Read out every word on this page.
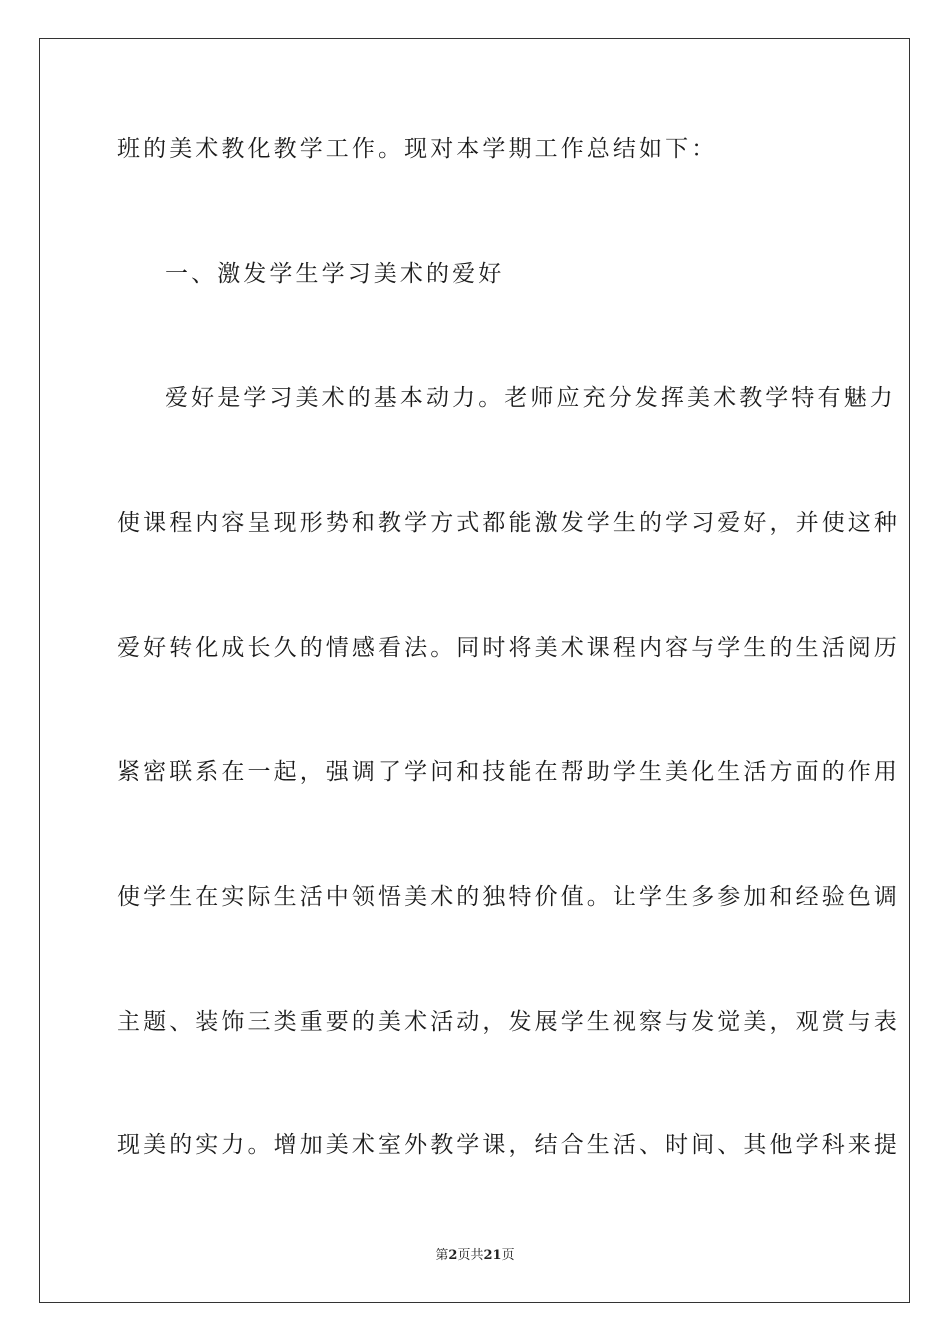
班的美术教化教学工作。现对本学期工作总结如下：
一、激发学生学习美术的爱好
爱好是学习美术的基本动力。老师应充分发挥美术教学特有魅力
使课程内容呈现形势和教学方式都能激发学生的学习爱好，并使这种
爱好转化成长久的情感看法。同时将美术课程内容与学生的生活阅历
紧密联系在一起，强调了学问和技能在帮助学生美化生活方面的作用
使学生在实际生活中领悟美术的独特价值。让学生多参加和经验色调
主题、装饰三类重要的美术活动，发展学生视察与发觉美，观赏与表
现美的实力。增加美术室外教学课，结合生活、时间、其他学科来提
第2页共21页
